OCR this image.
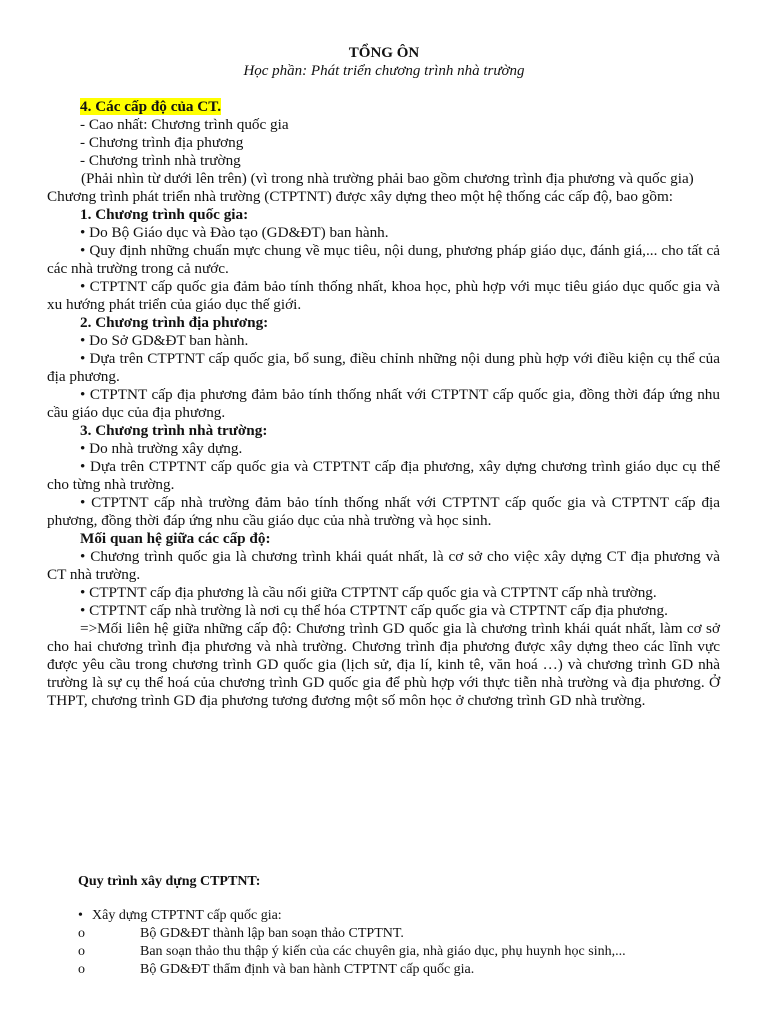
TỔNG ÔN
Học phần: Phát triển chương trình nhà trường

4. Các cấp độ của CT.

- Cao nhất: Chương trình quốc gia

- Chương trình địa phương

- Chương trình nhà trường

(Phải nhìn từ dưới lên trên) (vì trong nhà trường phải bao gồm chương trình địa phương và quốc gia)

Chương trình phát triển nhà trường (CTPTNT) được xây dựng theo một hệ thống các cấp độ, bao gồm:

1. Chương trình quốc gia:

• Do Bộ Giáo dục và Đào tạo (GD&ĐT) ban hành.

• Quy định những chuẩn mực chung về mục tiêu, nội dung, phương pháp giáo dục, đánh giá,... cho tất cả các nhà trường trong cả nước.

• CTPTNT cấp quốc gia đảm bảo tính thống nhất, khoa học, phù hợp với mục tiêu giáo dục quốc gia và xu hướng phát triển của giáo dục thế giới.

2. Chương trình địa phương:

• Do Sở GD&ĐT ban hành.

• Dựa trên CTPTNT cấp quốc gia, bổ sung, điều chỉnh những nội dung phù hợp với điều kiện cụ thể của địa phương.

• CTPTNT cấp địa phương đảm bảo tính thống nhất với CTPTNT cấp quốc gia, đồng thời đáp ứng nhu cầu giáo dục của địa phương.

3. Chương trình nhà trường:

• Do nhà trường xây dựng.

• Dựa trên CTPTNT cấp quốc gia và CTPTNT cấp địa phương, xây dựng chương trình giáo dục cụ thể cho từng nhà trường.

• CTPTNT cấp nhà trường đảm bảo tính thống nhất với CTPTNT cấp quốc gia và CTPTNT cấp địa phương, đồng thời đáp ứng nhu cầu giáo dục của nhà trường và học sinh.

Mối quan hệ giữa các cấp độ:

• Chương trình quốc gia là chương trình khái quát nhất, là cơ sở cho việc xây dựng CT địa phương và CT nhà trường.

• CTPTNT cấp địa phương là cầu nối giữa CTPTNT cấp quốc gia và CTPTNT cấp nhà trường.

• CTPTNT cấp nhà trường là nơi cụ thể hóa CTPTNT cấp quốc gia và CTPTNT cấp địa phương.

=>Mối liên hệ giữa những cấp độ: Chương trình GD quốc gia là chương trình khái quát nhất, làm cơ sở cho hai chương trình địa phương và nhà trường. Chương trình địa phương được xây dựng theo các lĩnh vực được yêu cầu trong chương trình GD quốc gia (lịch sử, địa lí, kinh tê, văn hoá …) và chương trình GD nhà trường là sự cụ thể hoá của chương trình GD quốc gia để phù hợp với thực tiễn nhà trường và địa phương. Ở THPT, chương trình GD địa phương tương đương một số môn học ở chương trình GD nhà trường.

Quy trình xây dựng CTPTNT:
• Xây dựng CTPTNT cấp quốc gia:
o	Bộ GD&ĐT thành lập ban soạn thảo CTPTNT.
o	Ban soạn thảo thu thập ý kiến của các chuyên gia, nhà giáo dục, phụ huynh học sinh,...
o	Bộ GD&ĐT thẩm định và ban hành CTPTNT cấp quốc gia.
